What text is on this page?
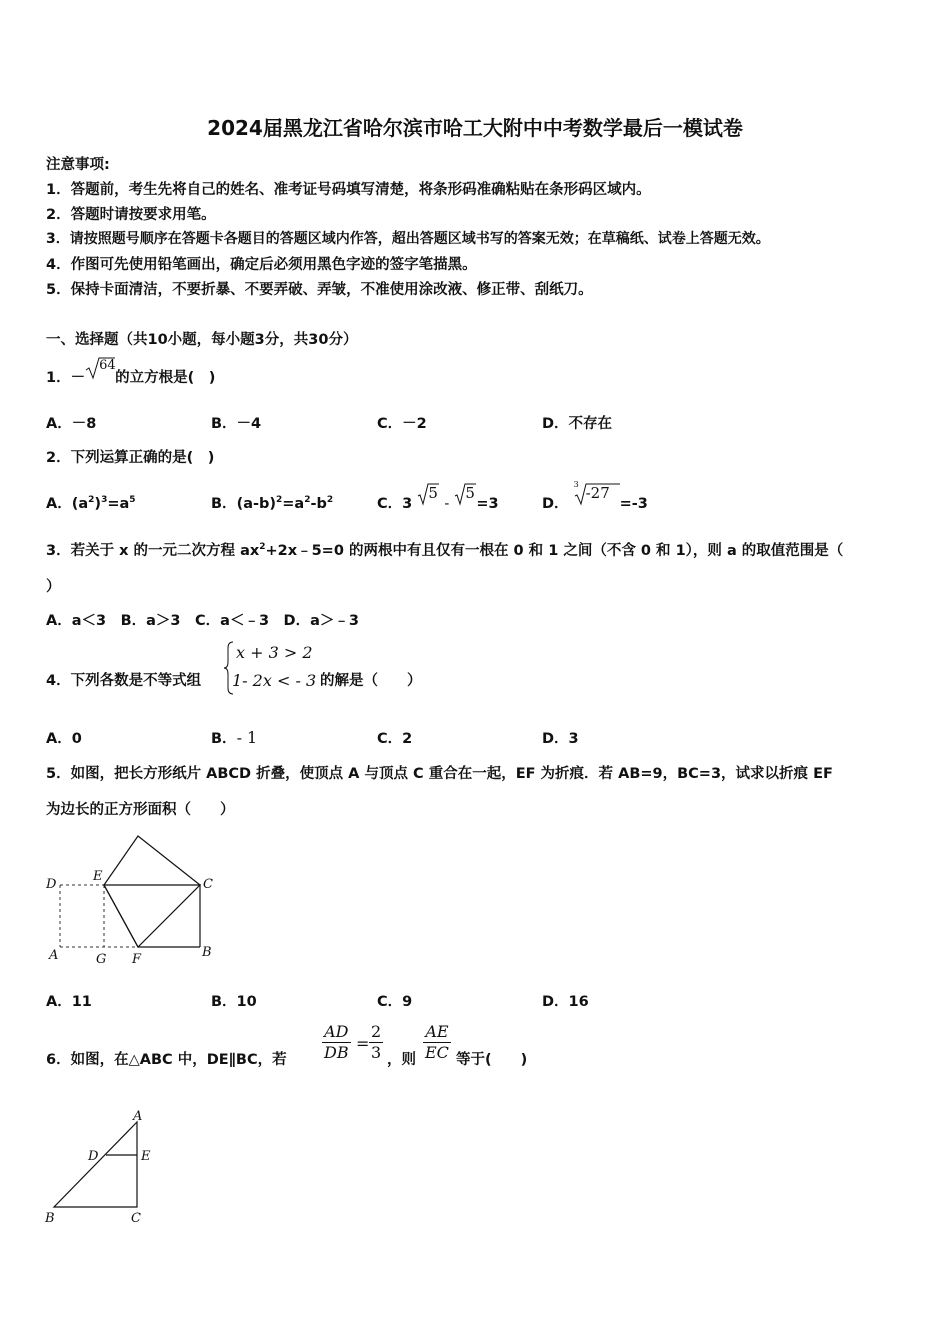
2024届黑龙江省哈尔滨市哈工大附中中考数学最后一模试卷
注意事项:
1．答题前，考生先将自己的姓名、准考证号码填写清楚，将条形码准确粘贴在条形码区域内。
2．答题时请按要求用笔。
3．请按照题号顺序在答题卡各题目的答题区域内作答，超出答题区域书写的答案无效；在草稿纸、试卷上答题无效。
4．作图可先使用铅笔画出，确定后必须用黑色字迹的签字笔描黑。
5．保持卡面清洁，不要折暴、不要弄破、弄皱，不准使用涂改液、修正带、刮纸刀。
一、选择题（共10小题，每小题3分，共30分）
1．－
64
的立方根是(　)
A．－8	B．－4	C．－2	D．不存在
2．下列运算正确的是(　)
A．$(a^2)^3=a^5$	B．$(a-b)^2=a^2-b^2$	C．3
5
-
5
=3	D．
3 -27
=-3
3．若关于 x 的一元二次方程 $ax^2+2x﹣5=0$ 的两根中有且仅有一根在 0 和 1 之间（不含 0 和 1），则 a 的取值范围是（
）
A．a＜3　B．a＞3　C．a＜﹣3　D．a＞﹣3
4．下列各数是不等式组
x + 3 > 2
1- 2x < - 3 的解是（　　）
A．0	B．- 1	C．2	D．3
5．如图，把长方形纸片 ABCD 折叠，使顶点 A 与顶点 C 重合在一起，EF 为折痕．若 AB=9，BC=3，试求以折痕 EF
为边长的正方形面积（　　）
D
E
C
A	G F	B
A．11	B．10	C．9	D．16
6．如图，在△ABC 中，DE∥BC，若 $\frac{AD}{DB} = \frac{2}{3}$ ，则 $\frac{AE}{EC}$ 等于(　　)
A
D	E
B	C
